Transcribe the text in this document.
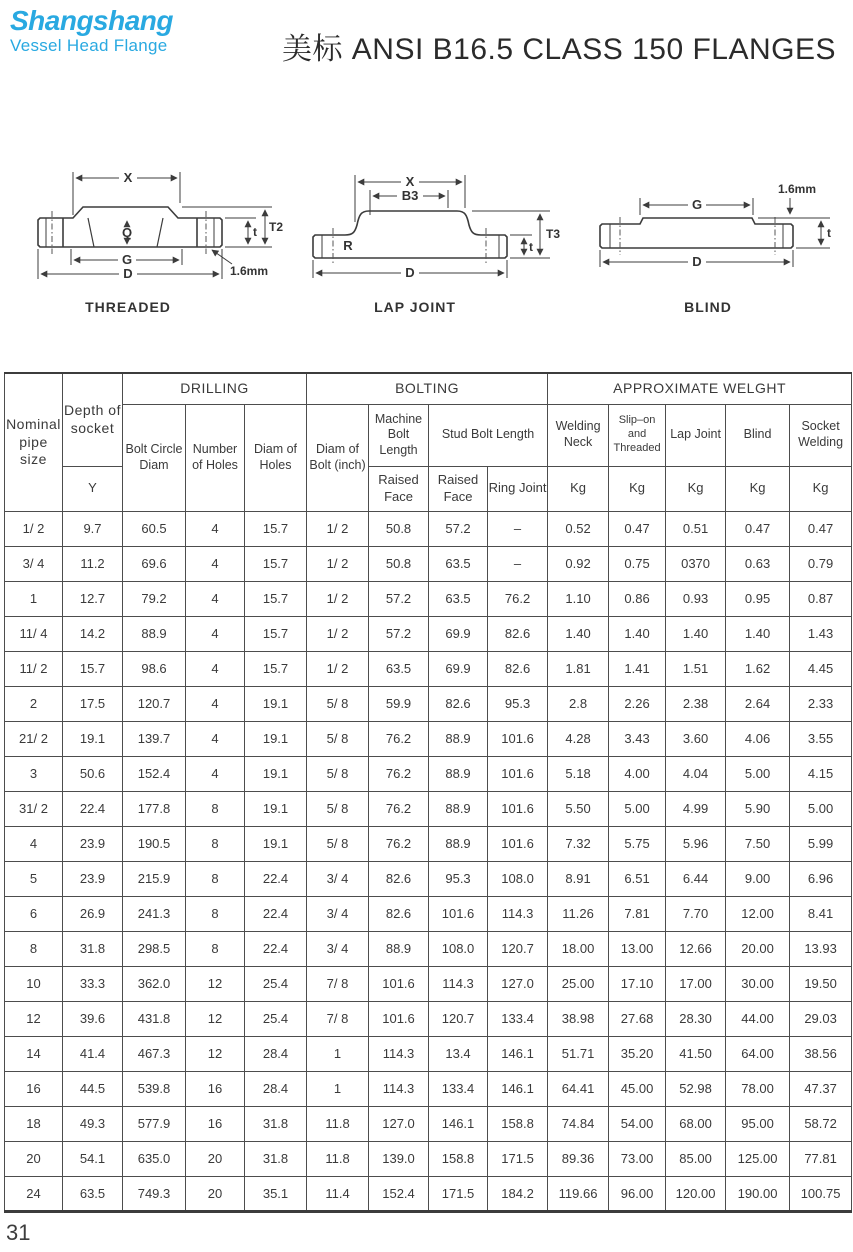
Shangshang
Vessel Head Flange	美标 ANSI B16.5 CLASS 150 FLANGES
X
Q
G
D
t T2
1.6mm
THREADED
X
B3
R
D
t
T3
LAP JOINT
G
D
t
1.6mm
BLIND
Nominal pipe size	Depth of socket	DRILLING			BOLTING				APPROXIMATE WELGHT				
		Bolt Circle Diam	Number of Holes	Diam of Holes	Diam of Bolt (inch)	Machine Bolt Length	Stud Bolt Length		Welding Neck	Slip–on and Threaded	Lap Joint	Blind	Socket Welding
	Y					Raised Face	Raised Face	Ring Joint	Kg	Kg	Kg	Kg	Kg
1/ 2	9.7	60.5	4	15.7	1/ 2	50.8	57.2	–	0.52	0.47	0.51	0.47	0.47
3/ 4	11.2	69.6	4	15.7	1/ 2	50.8	63.5	–	0.92	0.75	0370	0.63	0.79
1	12.7	79.2	4	15.7	1/ 2	57.2	63.5	76.2	1.10	0.86	0.93	0.95	0.87
11/ 4	14.2	88.9	4	15.7	1/ 2	57.2	69.9	82.6	1.40	1.40	1.40	1.40	1.43
11/ 2	15.7	98.6	4	15.7	1/ 2	63.5	69.9	82.6	1.81	1.41	1.51	1.62	4.45
2	17.5	120.7	4	19.1	5/ 8	59.9	82.6	95.3	2.8	2.26	2.38	2.64	2.33
21/ 2	19.1	139.7	4	19.1	5/ 8	76.2	88.9	101.6	4.28	3.43	3.60	4.06	3.55
3	50.6	152.4	4	19.1	5/ 8	76.2	88.9	101.6	5.18	4.00	4.04	5.00	4.15
31/ 2	22.4	177.8	8	19.1	5/ 8	76.2	88.9	101.6	5.50	5.00	4.99	5.90	5.00
4	23.9	190.5	8	19.1	5/ 8	76.2	88.9	101.6	7.32	5.75	5.96	7.50	5.99
5	23.9	215.9	8	22.4	3/ 4	82.6	95.3	108.0	8.91	6.51	6.44	9.00	6.96
6	26.9	241.3	8	22.4	3/ 4	82.6	101.6	114.3	11.26	7.81	7.70	12.00	8.41
8	31.8	298.5	8	22.4	3/ 4	88.9	108.0	120.7	18.00	13.00	12.66	20.00	13.93
10	33.3	362.0	12	25.4	7/ 8	101.6	114.3	127.0	25.00	17.10	17.00	30.00	19.50
12	39.6	431.8	12	25.4	7/ 8	101.6	120.7	133.4	38.98	27.68	28.30	44.00	29.03
14	41.4	467.3	12	28.4	1	114.3	13.4	146.1	51.71	35.20	41.50	64.00	38.56
16	44.5	539.8	16	28.4	1	114.3	133.4	146.1	64.41	45.00	52.98	78.00	47.37
18	49.3	577.9	16	31.8	11.8	127.0	146.1	158.8	74.84	54.00	68.00	95.00	58.72
20	54.1	635.0	20	31.8	11.8	139.0	158.8	171.5	89.36	73.00	85.00	125.00	77.81
24	63.5	749.3	20	35.1	11.4	152.4	171.5	184.2	119.66	96.00	120.00	190.00	100.75
31
